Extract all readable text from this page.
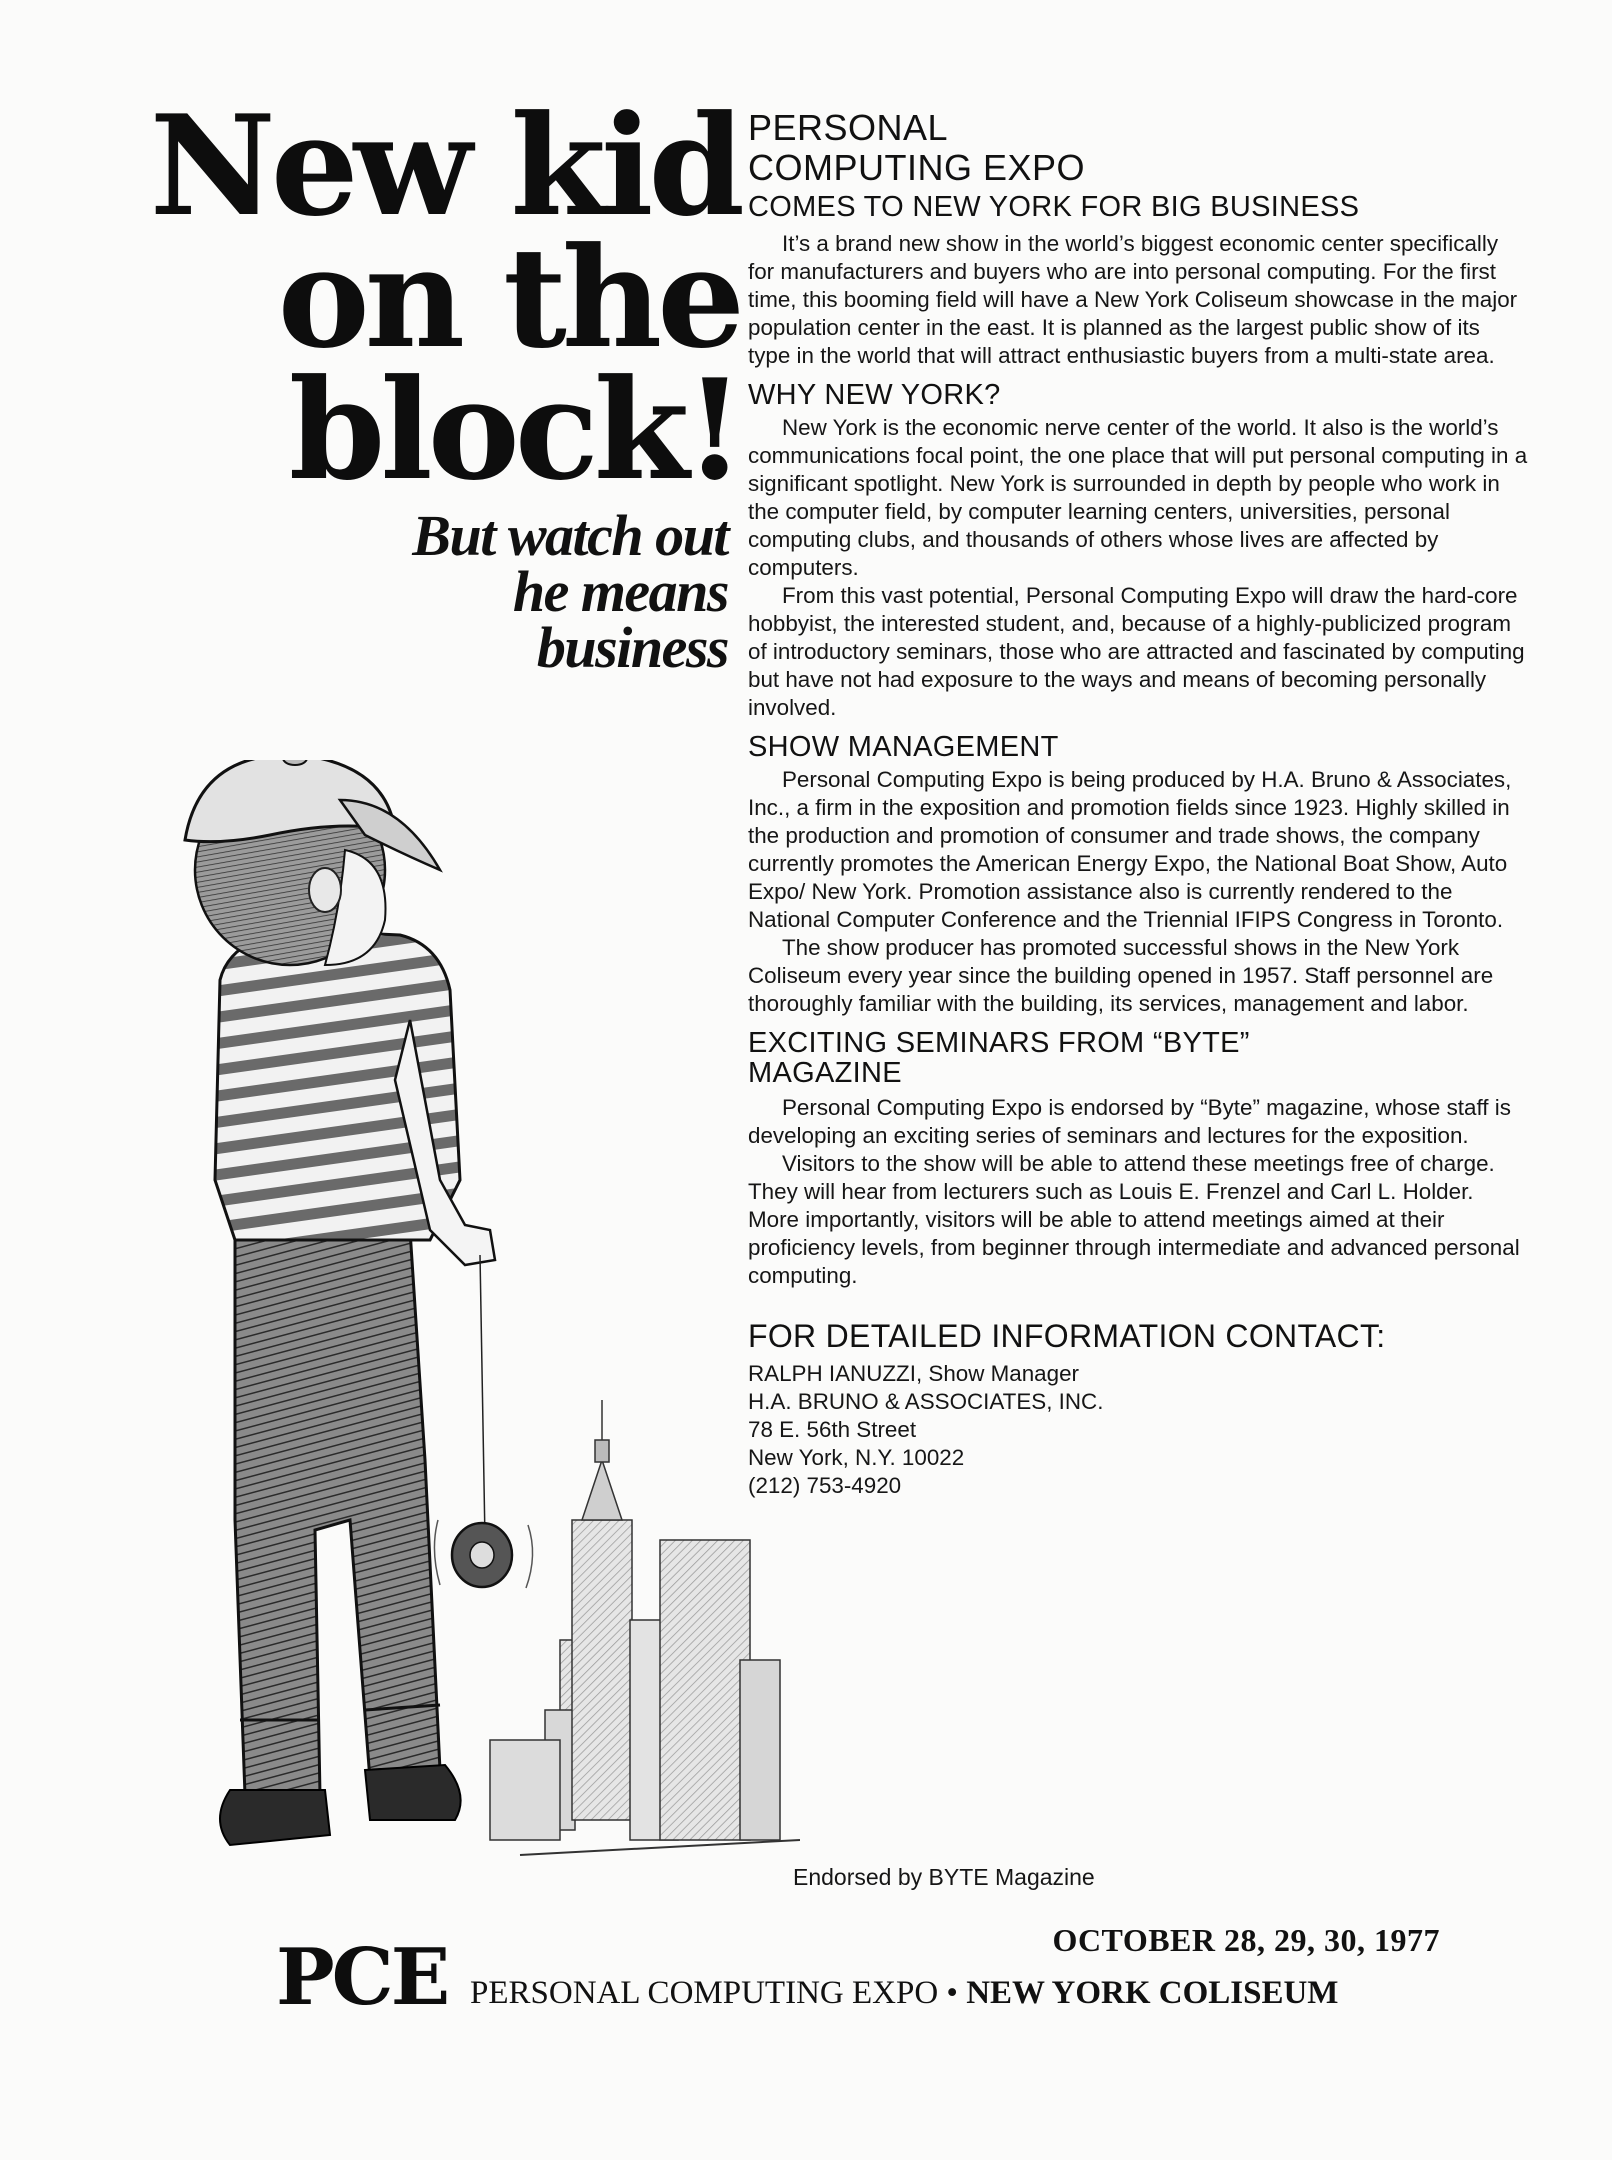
New kid
on the
block!
But watch out
he means
business
PERSONAL
COMPUTING EXPO
COMES TO NEW YORK FOR BIG BUSINESS

It’s a brand new show in the world’s biggest economic center specifically for manufacturers and buyers who are into personal computing. For the first time, this booming field will have a New York Coliseum showcase in the major population center in the east. It is planned as the largest public show of its type in the world that will attract enthusiastic buyers from a multi-state area.

WHY NEW YORK?

New York is the economic nerve center of the world. It also is the world’s communications focal point, the one place that will put personal computing in a significant spotlight. New York is surrounded in depth by people who work in the computer field, by computer learning centers, universities, personal computing clubs, and thousands of others whose lives are affected by computers.

From this vast potential, Personal Computing Expo will draw the hard-core hobbyist, the interested student, and, because of a highly-publicized program of introductory seminars, those who are attracted and fascinated by computing but have not had exposure to the ways and means of becoming personally involved.

SHOW MANAGEMENT

Personal Computing Expo is being produced by H.A. Bruno & Associates, Inc., a firm in the exposition and promotion fields since 1923. Highly skilled in the production and promotion of consumer and trade shows, the company currently promotes the American Energy Expo, the National Boat Show, Auto Expo/ New York. Promotion assistance also is currently rendered to the National Computer Conference and the Triennial IFIPS Congress in Toronto.

The show producer has promoted successful shows in the New York Coliseum every year since the building opened in 1957. Staff personnel are thoroughly familiar with the building, its services, management and labor.

EXCITING SEMINARS FROM “BYTE”
MAGAZINE

Personal Computing Expo is endorsed by “Byte” magazine, whose staff is developing an exciting series of seminars and lectures for the exposition.

Visitors to the show will be able to attend these meetings free of charge. They will hear from lecturers such as Louis E. Frenzel and Carl L. Holder. More importantly, visitors will be able to attend meetings aimed at their proficiency levels, from beginner through intermediate and advanced personal computing.

FOR DETAILED INFORMATION CONTACT:
RALPH IANUZZI, Show Manager
H.A. BRUNO & ASSOCIATES, INC.
78 E. 56th Street
New York, N.Y. 10022
(212) 753-4920
Endorsed by BYTE Magazine
OCTOBER 28, 29, 30, 1977
PCE PERSONAL COMPUTING EXPO • NEW YORK COLISEUM
